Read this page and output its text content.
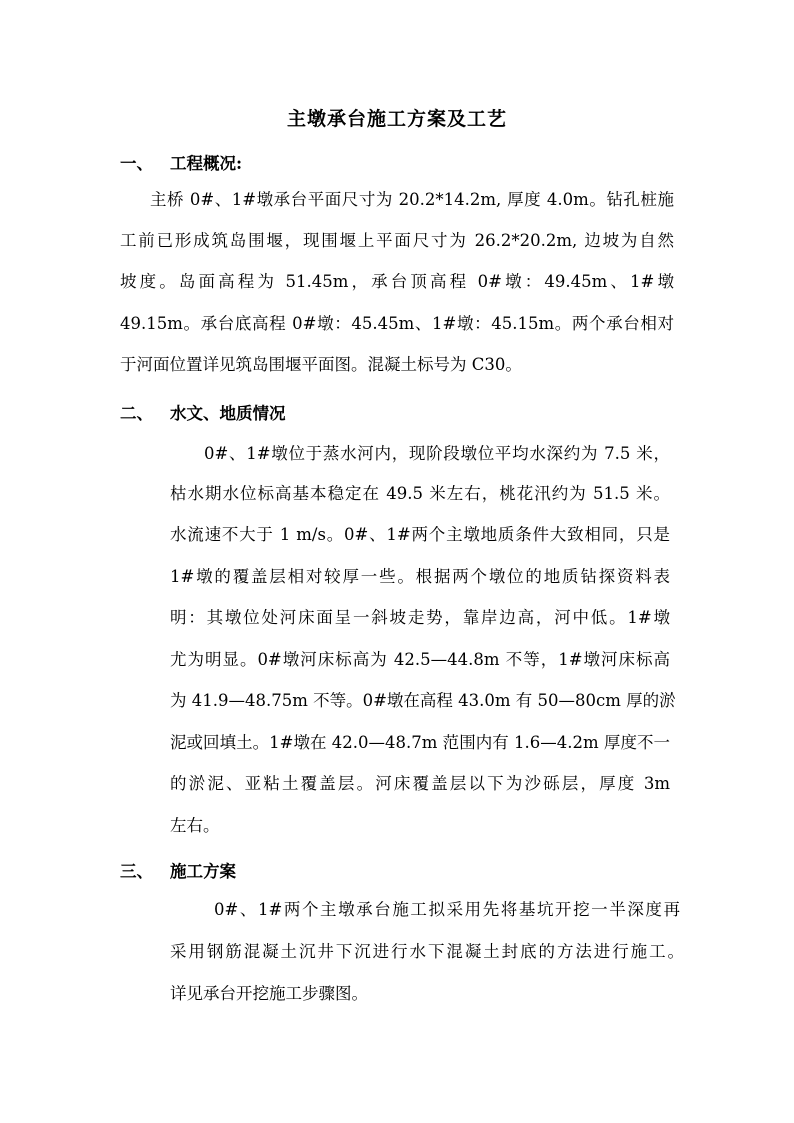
主墩承台施工方案及工艺
一、 工程概况:
主桥 0#、1#墩承台平面尺寸为 20.2*14.2m, 厚度 4.0m。钻孔桩施
工前已形成筑岛围堰，现围堰上平面尺寸为 26.2*20.2m, 边坡为自然
坡度。岛面高程为 51.45m，承台顶高程 0#墩：49.45m、1#墩
49.15m。承台底高程 0#墩：45.45m、1#墩：45.15m。两个承台相对
于河面位置详见筑岛围堰平面图。混凝土标号为 C30。
二、 水文、地质情况
0#、1#墩位于蒸水河内，现阶段墩位平均水深约为 7.5 米，
枯水期水位标高基本稳定在 49.5 米左右，桃花汛约为 51.5 米。
水流速不大于 1 m/s。0#、1#两个主墩地质条件大致相同，只是
1#墩的覆盖层相对较厚一些。根据两个墩位的地质钻探资料表
明：其墩位处河床面呈一斜坡走势，靠岸边高，河中低。1#墩
尤为明显。0#墩河床标高为 42.5—44.8m 不等，1#墩河床标高
为 41.9—48.75m 不等。0#墩在高程 43.0m 有 50—80cm 厚的淤
泥或回填土。1#墩在 42.0—48.7m 范围内有 1.6—4.2m 厚度不一
的淤泥、亚粘土覆盖层。河床覆盖层以下为沙砾层，厚度 3m
左右。
三、 施工方案
0#、1#两个主墩承台施工拟采用先将基坑开挖一半深度再
采用钢筋混凝土沉井下沉进行水下混凝土封底的方法进行施工。
详见承台开挖施工步骤图。
